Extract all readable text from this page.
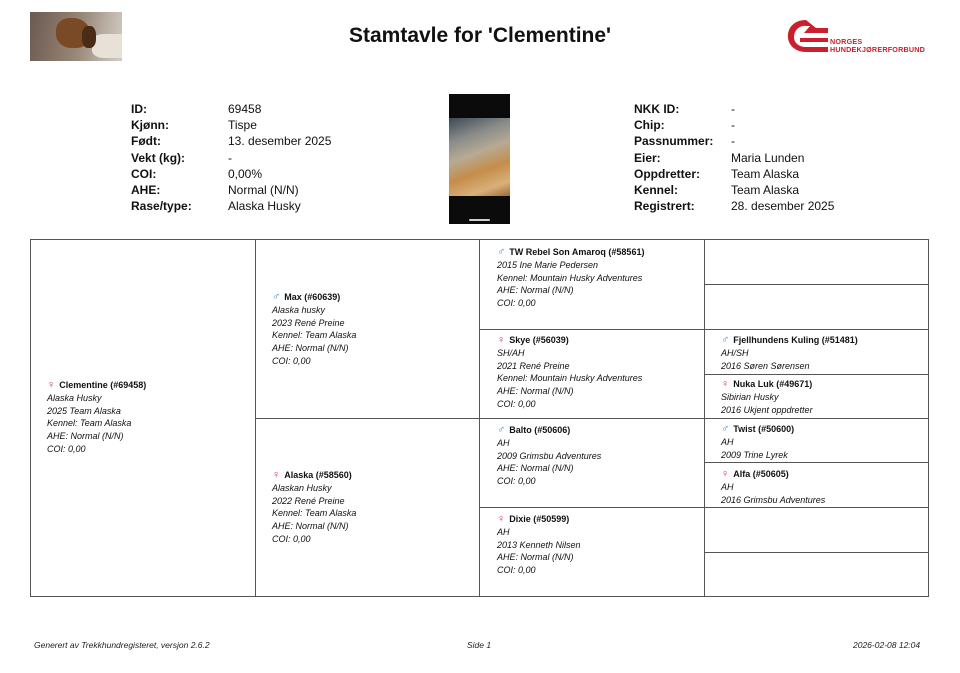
Stamtavle for 'Clementine'	NORGES
HUNDEKJØRERFORBUND
ID:	69458
Kjønn:	Tispe
Født:	13. desember 2025
Vekt (kg):	-
COI:	0,00%
AHE:	Normal (N/N)
Rase/type:	Alaska Husky
NKK ID:	-
Chip:	-
Passnummer: -
Eier:	Maria Lunden
Oppdretter:	Team Alaska
Kennel:	Team Alaska
Registrert:	28. desember 2025
♀ Clementine (#69458)
Alaska Husky
2025 Team Alaska
Kennel: Team Alaska
AHE: Normal (N/N)
COI: 0,00
♂ Max (#60639)
Alaska husky
2023 René Preine
Kennel: Team Alaska
AHE: Normal (N/N)
COI: 0,00
♀ Alaska (#58560)
Alaskan Husky
2022 René Preine
Kennel: Team Alaska
AHE: Normal (N/N)
COI: 0,00
♂ TW Rebel Son Amaroq (#58561)
2015 Ine Marie Pedersen
Kennel: Mountain Husky Adventures
AHE: Normal (N/N)
COI: 0,00
♀ Skye (#56039)
SH/AH
2021 René Preine
Kennel: Mountain Husky Adventures
AHE: Normal (N/N)
COI: 0,00
♂ Balto (#50606)
AH
2009 Grimsbu Adventures
AHE: Normal (N/N)
COI: 0,00
♀ Dixie (#50599)
AH
2013 Kenneth Nilsen
AHE: Normal (N/N)
COI: 0,00
♂ Fjellhundens Kuling (#51481)
AH/SH
2016 Søren Sørensen
♀ Nuka Luk (#49671)
Sibirian Husky
2016 Ukjent oppdretter
♂ Twist (#50600)
AH
2009 Trine Lyrek
♀ Alfa (#50605)
AH
2016 Grimsbu Adventures
Generert av Trekkhundregisteret, versjon 2.6.2	Side 1	2026-02-08 12:04
